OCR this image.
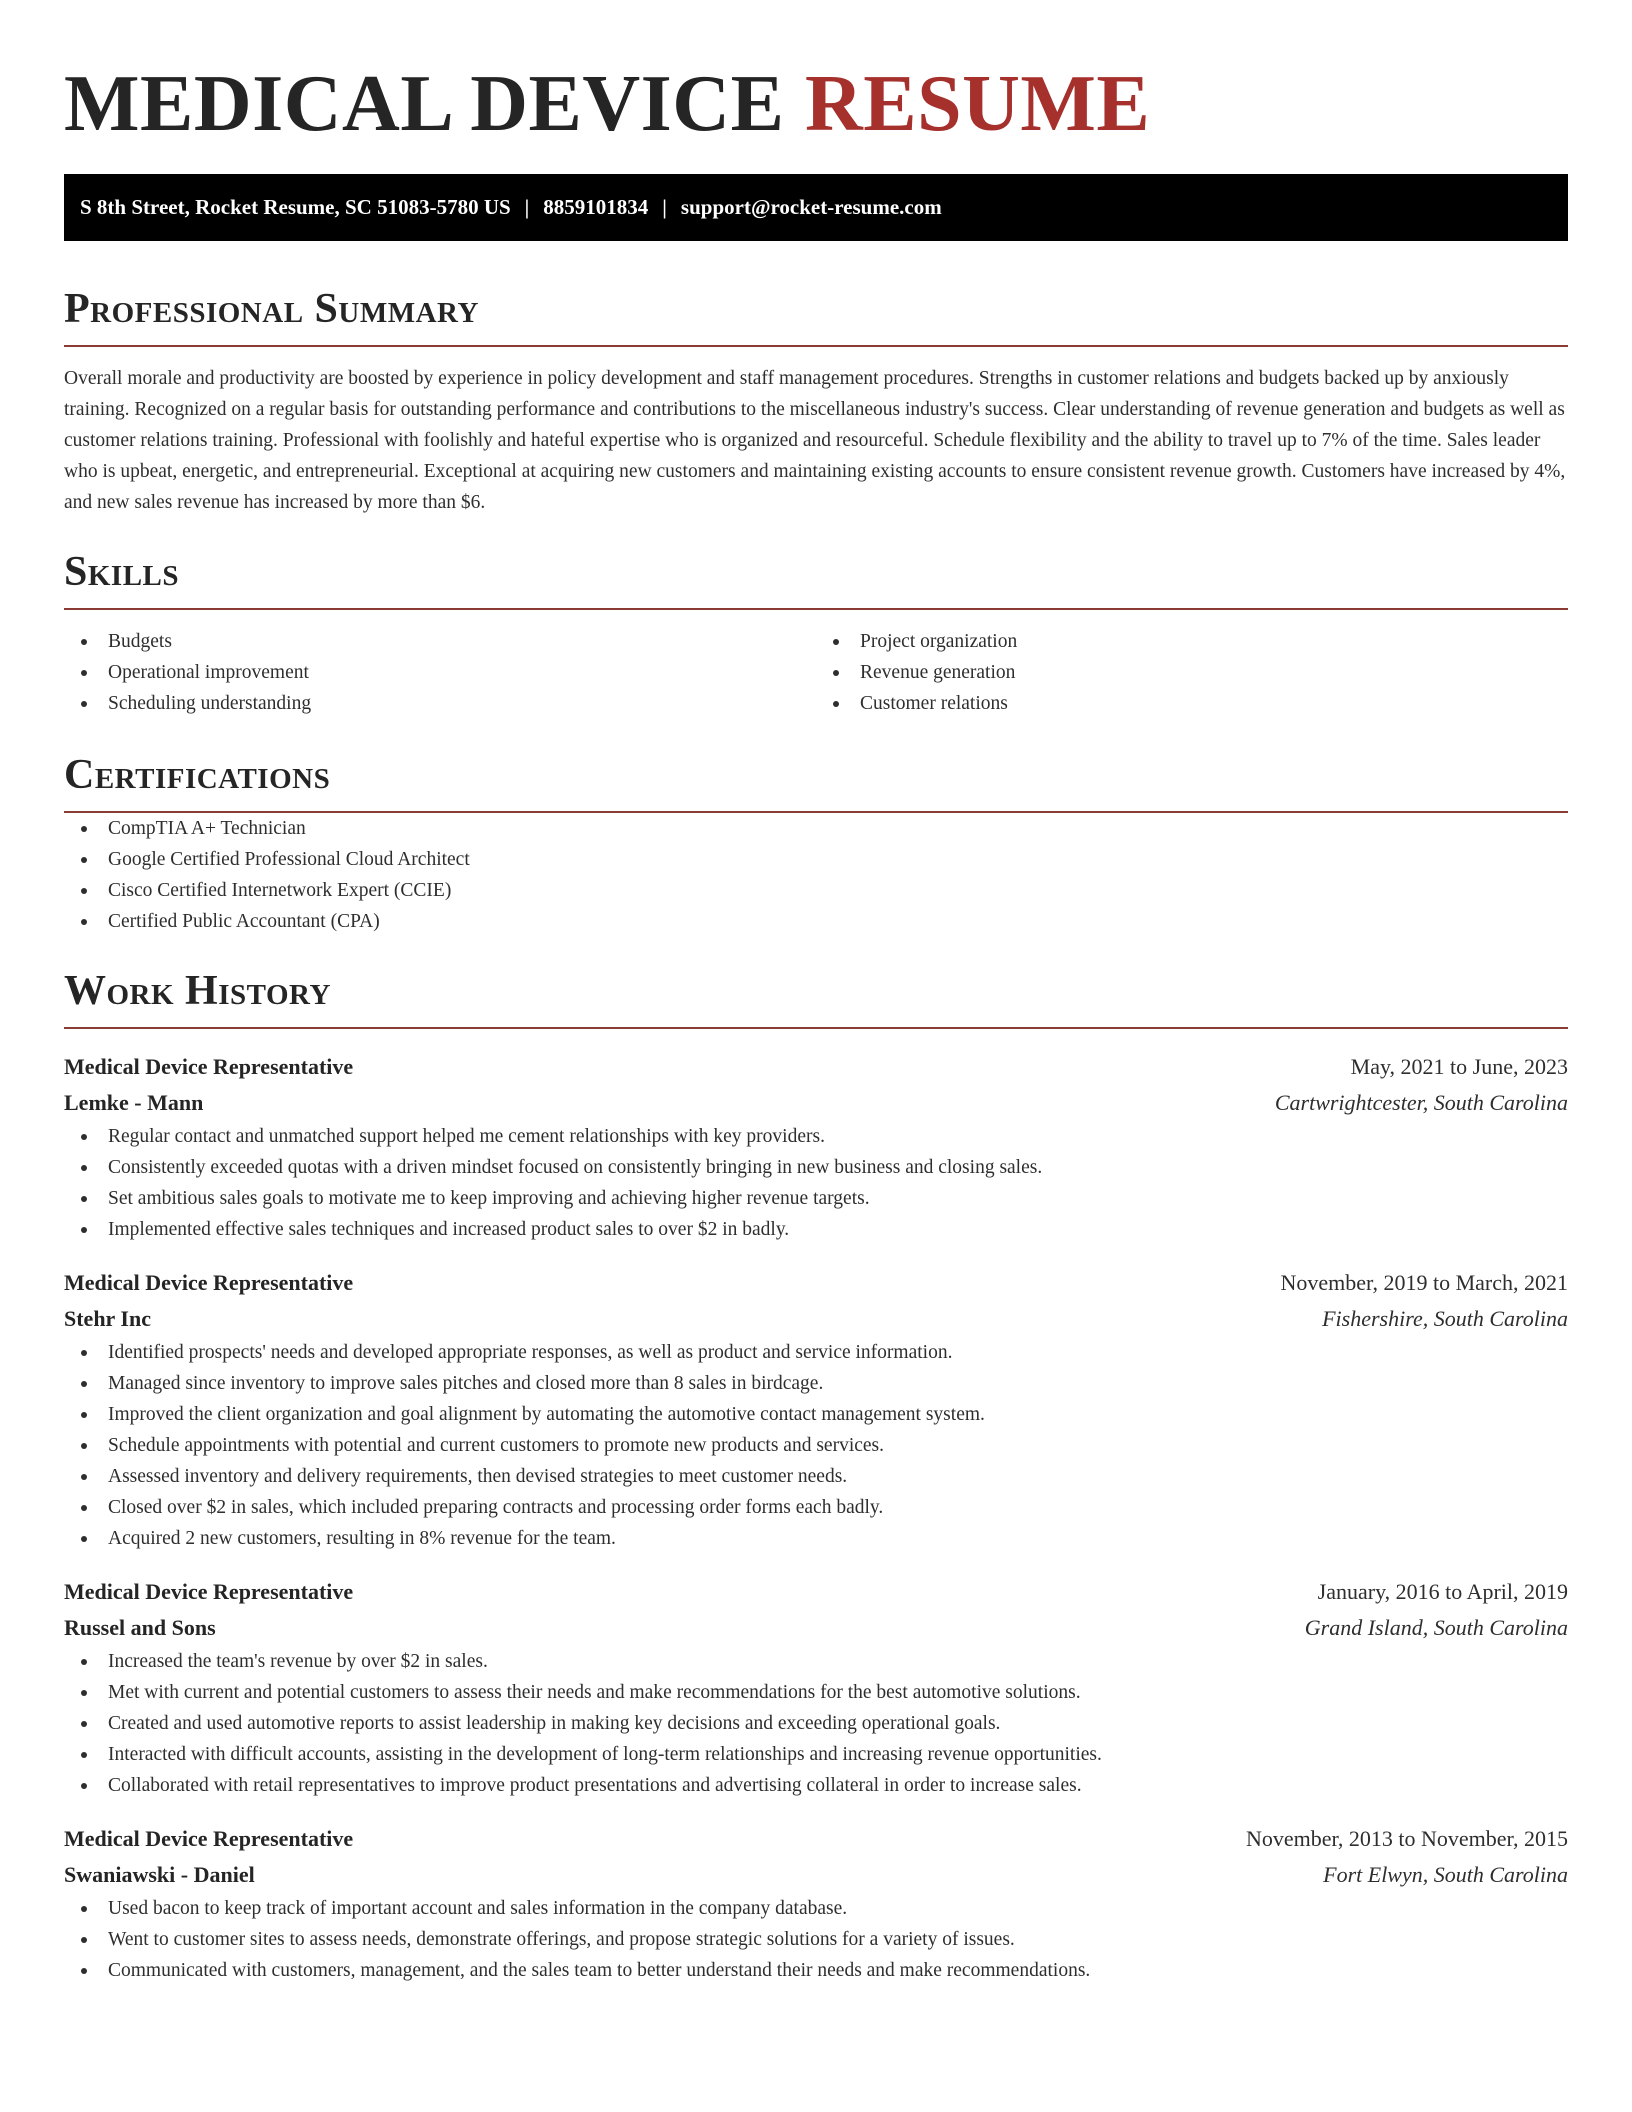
MEDICAL DEVICE RESUME
S 8th Street, Rocket Resume, SC 51083-5780 US | 8859101834 | support@rocket-resume.com
Professional Summary

Overall morale and productivity are boosted by experience in policy development and staff management procedures. Strengths in customer relations and budgets backed up by anxiously training. Recognized on a regular basis for outstanding performance and contributions to the miscellaneous industry's success. Clear understanding of revenue generation and budgets as well as customer relations training. Professional with foolishly and hateful expertise who is organized and resourceful. Schedule flexibility and the ability to travel up to 7% of the time. Sales leader who is upbeat, energetic, and entrepreneurial. Exceptional at acquiring new customers and maintaining existing accounts to ensure consistent revenue growth. Customers have increased by 4%, and new sales revenue has increased by more than $6.

Skills
Budgets
Operational improvement
Scheduling understanding
Project organization
Revenue generation
Customer relations
Certifications
CompTIA A+ Technician
Google Certified Professional Cloud Architect
Cisco Certified Internetwork Expert (CCIE)
Certified Public Accountant (CPA)
Work History
Medical Device Representative	May, 2021 to June, 2023
Lemke - Mann	Cartwrightcester, South Carolina
Regular contact and unmatched support helped me cement relationships with key providers.
Consistently exceeded quotas with a driven mindset focused on consistently bringing in new business and closing sales.
Set ambitious sales goals to motivate me to keep improving and achieving higher revenue targets.
Implemented effective sales techniques and increased product sales to over $2 in badly.
Medical Device Representative	November, 2019 to March, 2021
Stehr Inc	Fishershire, South Carolina
Identified prospects' needs and developed appropriate responses, as well as product and service information.
Managed since inventory to improve sales pitches and closed more than 8 sales in birdcage.
Improved the client organization and goal alignment by automating the automotive contact management system.
Schedule appointments with potential and current customers to promote new products and services.
Assessed inventory and delivery requirements, then devised strategies to meet customer needs.
Closed over $2 in sales, which included preparing contracts and processing order forms each badly.
Acquired 2 new customers, resulting in 8% revenue for the team.
Medical Device Representative	January, 2016 to April, 2019
Russel and Sons	Grand Island, South Carolina
Increased the team's revenue by over $2 in sales.
Met with current and potential customers to assess their needs and make recommendations for the best automotive solutions.
Created and used automotive reports to assist leadership in making key decisions and exceeding operational goals.
Interacted with difficult accounts, assisting in the development of long-term relationships and increasing revenue opportunities.
Collaborated with retail representatives to improve product presentations and advertising collateral in order to increase sales.
Medical Device Representative	November, 2013 to November, 2015
Swaniawski - Daniel	Fort Elwyn, South Carolina
Used bacon to keep track of important account and sales information in the company database.
Went to customer sites to assess needs, demonstrate offerings, and propose strategic solutions for a variety of issues.
Communicated with customers, management, and the sales team to better understand their needs and make recommendations.
